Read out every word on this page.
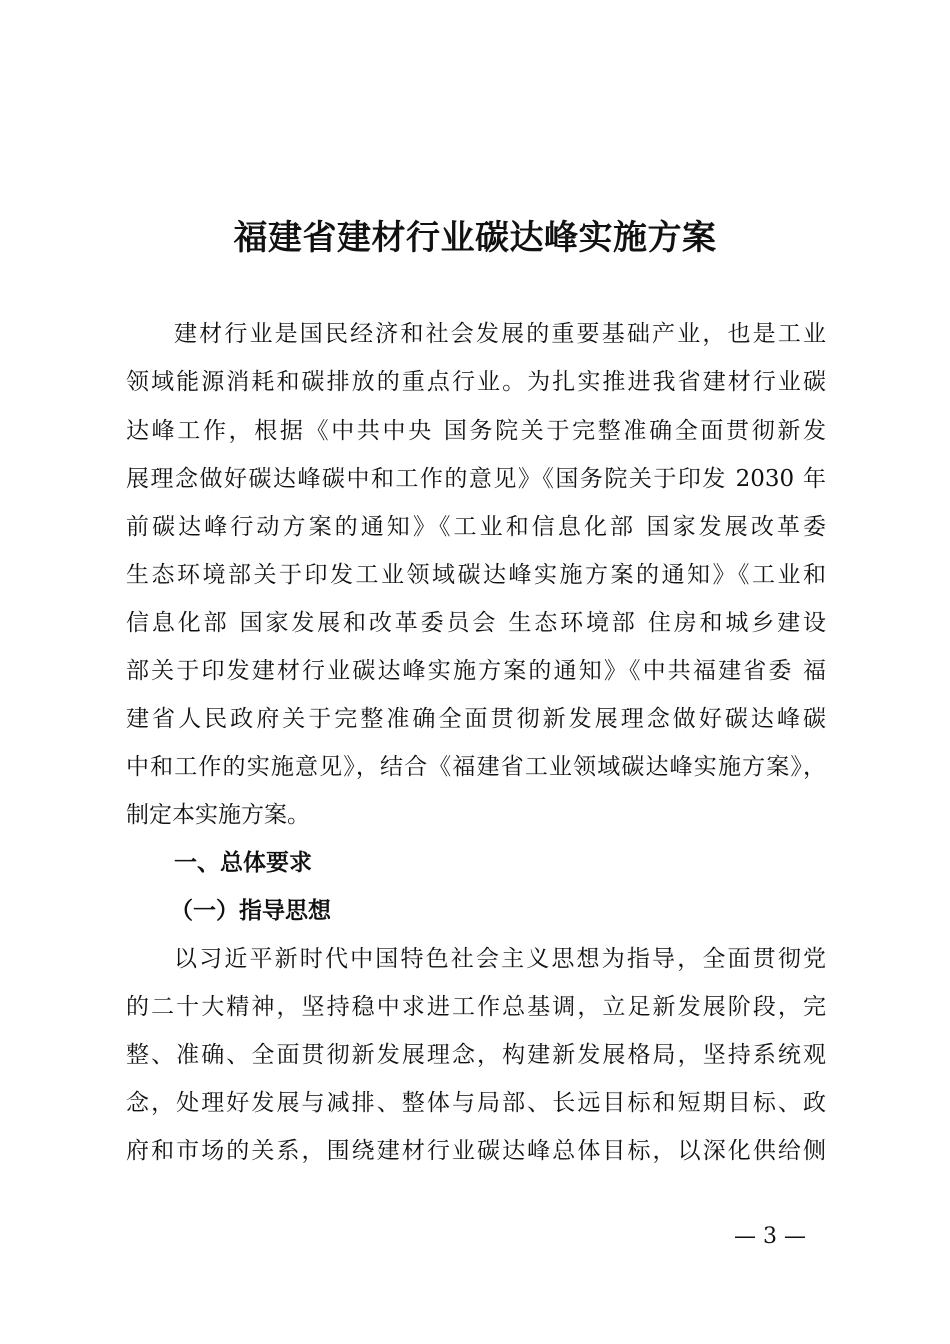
福建省建材行业碳达峰实施方案
建材行业是国民经济和社会发展的重要基础产业，也是工业
领域能源消耗和碳排放的重点行业。为扎实推进我省建材行业碳
达峰工作，根据《中共中央 国务院关于完整准确全面贯彻新发
展理念做好碳达峰碳中和工作的意见》《国务院关于印发 2030 年
前碳达峰行动方案的通知》《工业和信息化部 国家发展改革委
生态环境部关于印发工业领域碳达峰实施方案的通知》《工业和
信息化部 国家发展和改革委员会 生态环境部 住房和城乡建设
部关于印发建材行业碳达峰实施方案的通知》《中共福建省委 福
建省人民政府关于完整准确全面贯彻新发展理念做好碳达峰碳
中和工作的实施意见》，结合《福建省工业领域碳达峰实施方案》，
制定本实施方案。
一、总体要求
（一）指导思想
以习近平新时代中国特色社会主义思想为指导，全面贯彻党
的二十大精神，坚持稳中求进工作总基调，立足新发展阶段，完
整、准确、全面贯彻新发展理念，构建新发展格局，坚持系统观
念，处理好发展与减排、整体与局部、长远目标和短期目标、政
府和市场的关系，围绕建材行业碳达峰总体目标，以深化供给侧
— 3 —
